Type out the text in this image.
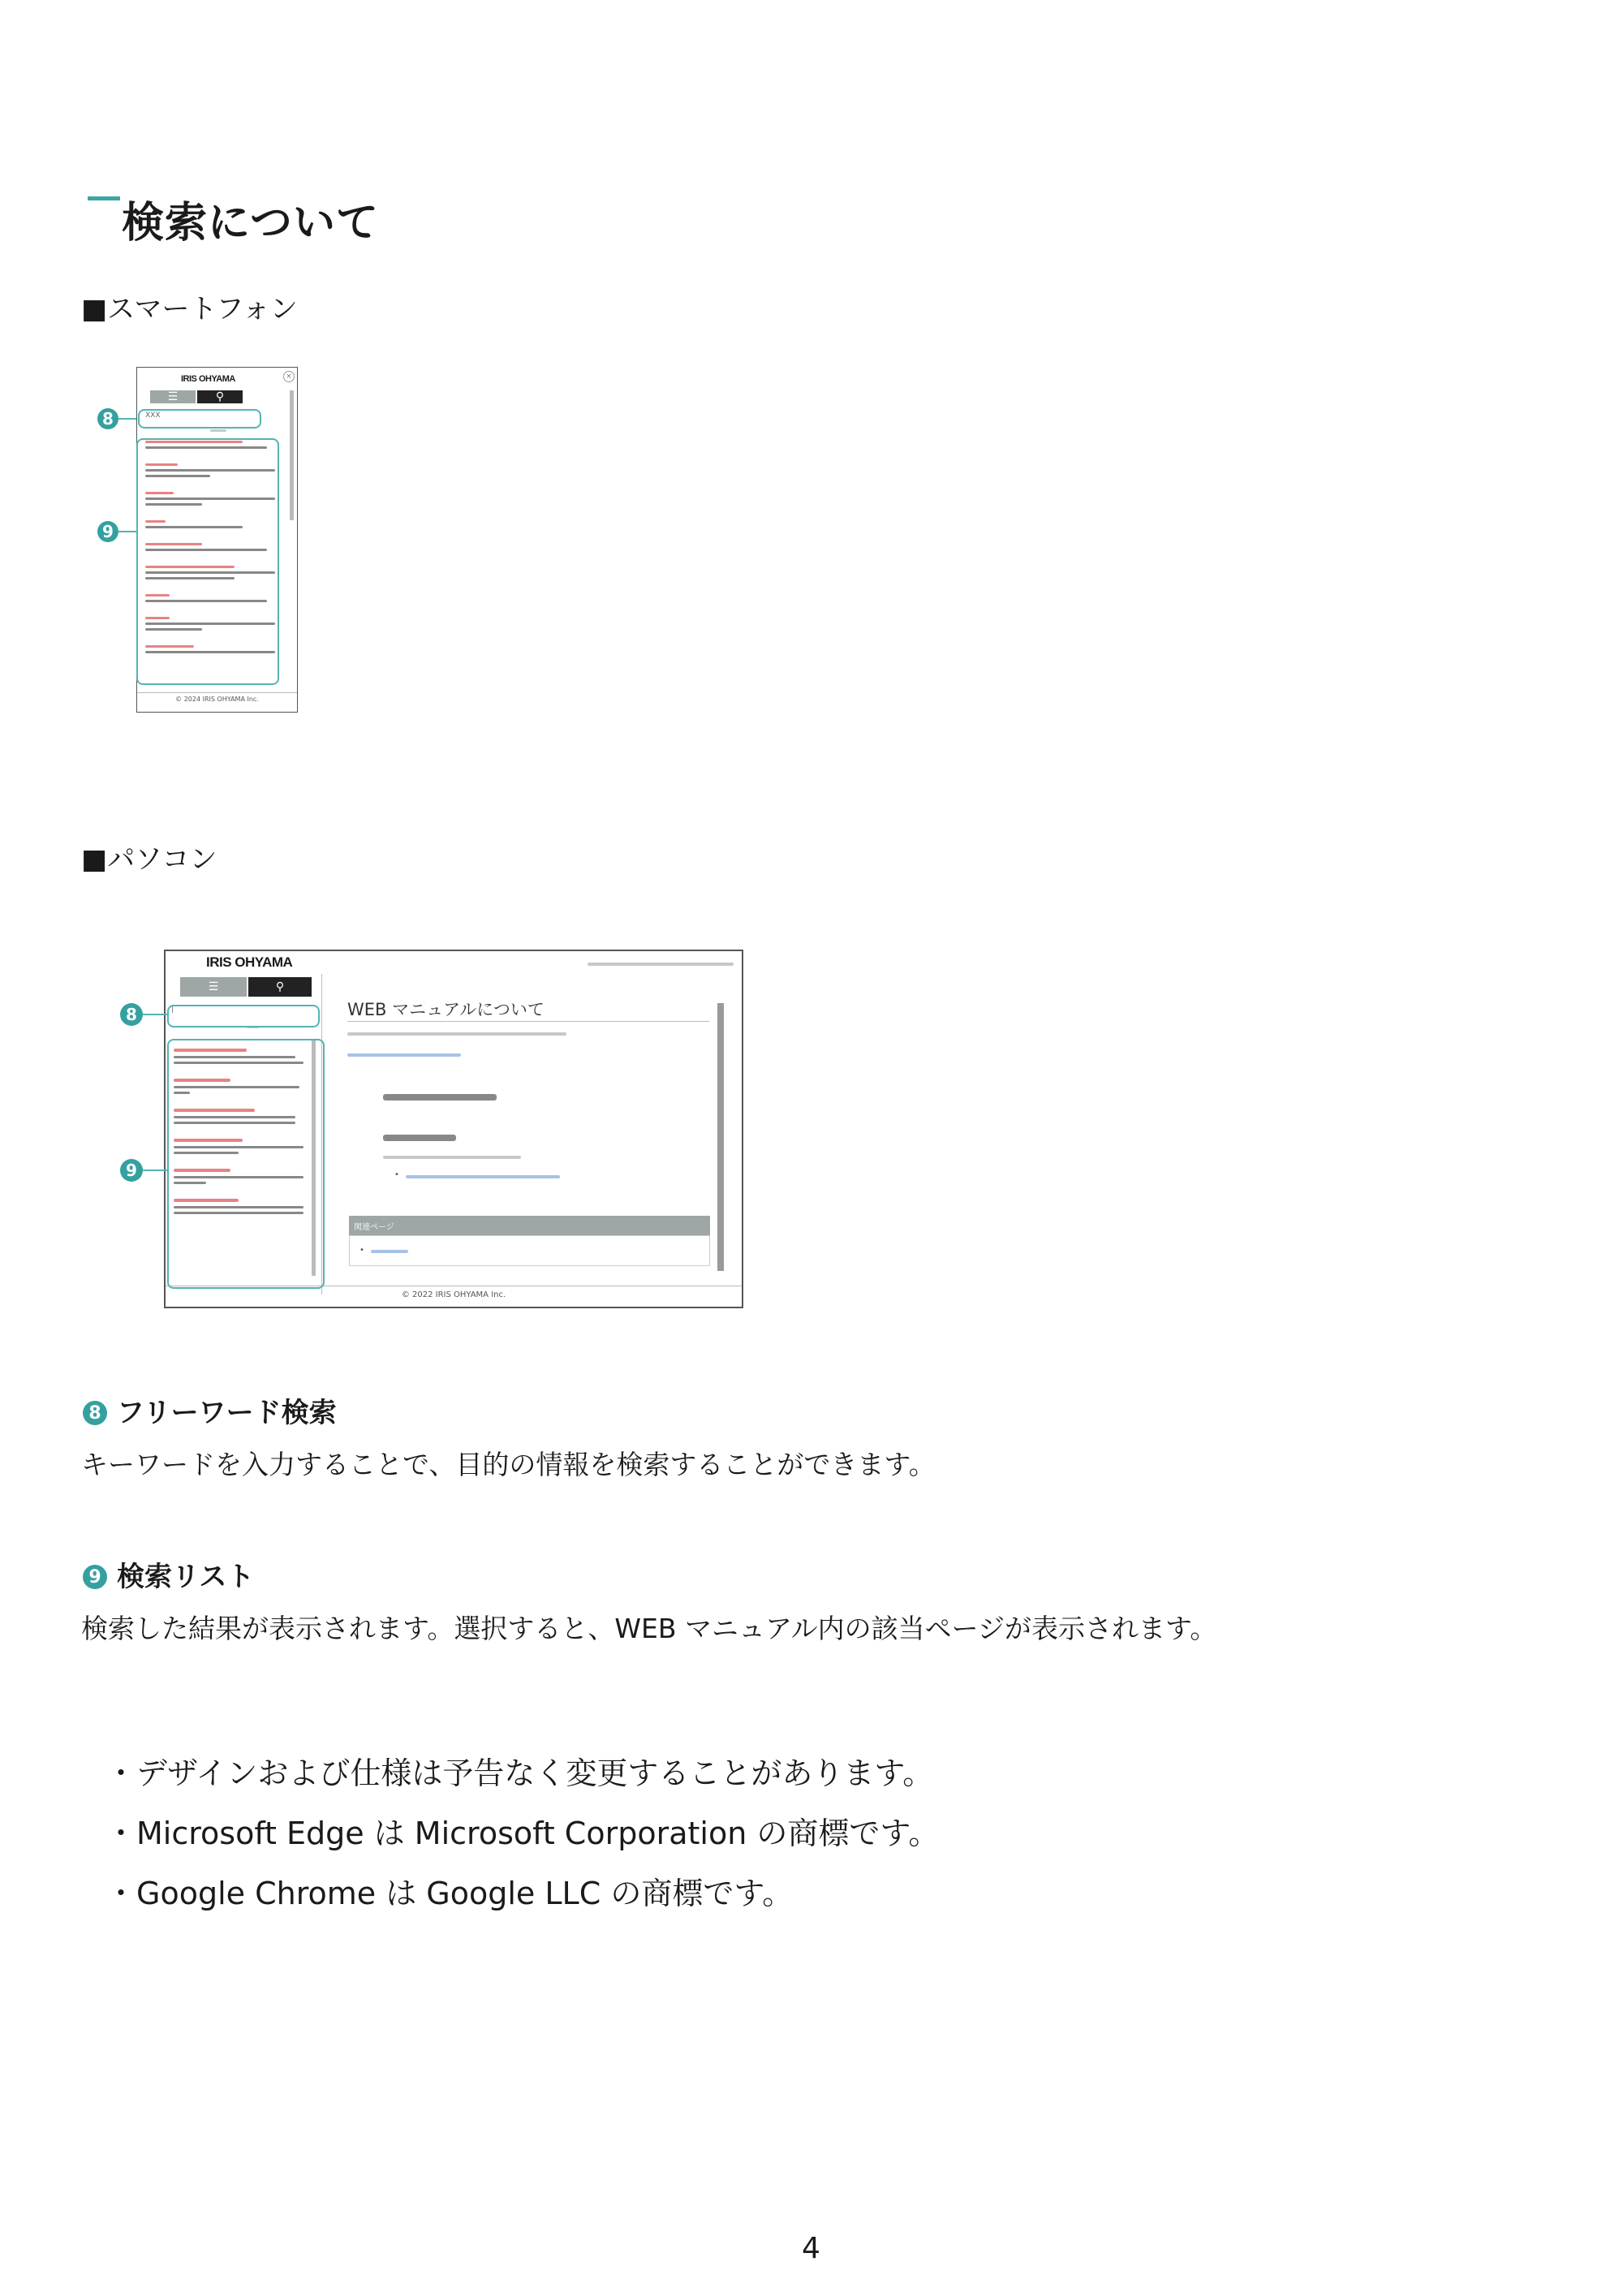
検索について
■スマートフォン
IRIS OHYAMA	×
☰	⚲
XXX
© 2024 IRIS OHYAMA Inc.
8
9
■パソコン
IRIS OHYAMA
☰	⚲
WEB マニュアルについて
•
関連ページ
•
© 2022 IRIS OHYAMA Inc.
8
9
8 フリーワード検索
キーワードを入力することで、目的の情報を検索することができます。
9 検索リスト
検索した結果が表示されます。選択すると、WEB マニュアル内の該当ページが表示されます。
・ デザインおよび仕様は予告なく変更することがあります。
・ Microsoft Edge は Microsoft Corporation の商標です。
・ Google Chrome は Google LLC の商標です。
4
